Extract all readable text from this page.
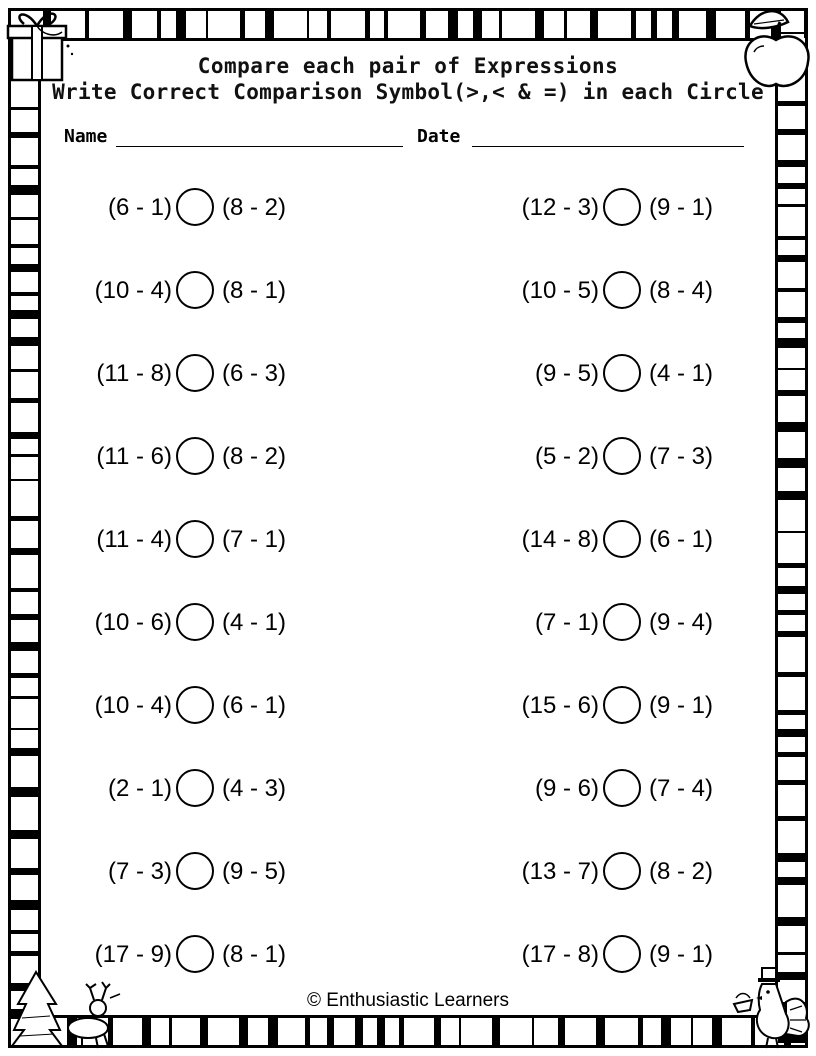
Compare each pair of Expressions
Write Correct Comparison Symbol(>,< & =) in each Circle
Name	Date
(6 - 1) (8 - 2)
(10 - 4) (8 - 1)
(11 - 8) (6 - 3)
(11 - 6) (8 - 2)
(11 - 4) (7 - 1)
(10 - 6) (4 - 1)
(10 - 4) (6 - 1)
(2 - 1) (4 - 3)
(7 - 3) (9 - 5)
(17 - 9) (8 - 1)
(12 - 3) (9 - 1)
(10 - 5) (8 - 4)
(9 - 5) (4 - 1)
(5 - 2) (7 - 3)
(14 - 8) (6 - 1)
(7 - 1) (9 - 4)
(15 - 6) (9 - 1)
(9 - 6) (7 - 4)
(13 - 7) (8 - 2)
(17 - 8) (9 - 1)
© Enthusiastic Learners
